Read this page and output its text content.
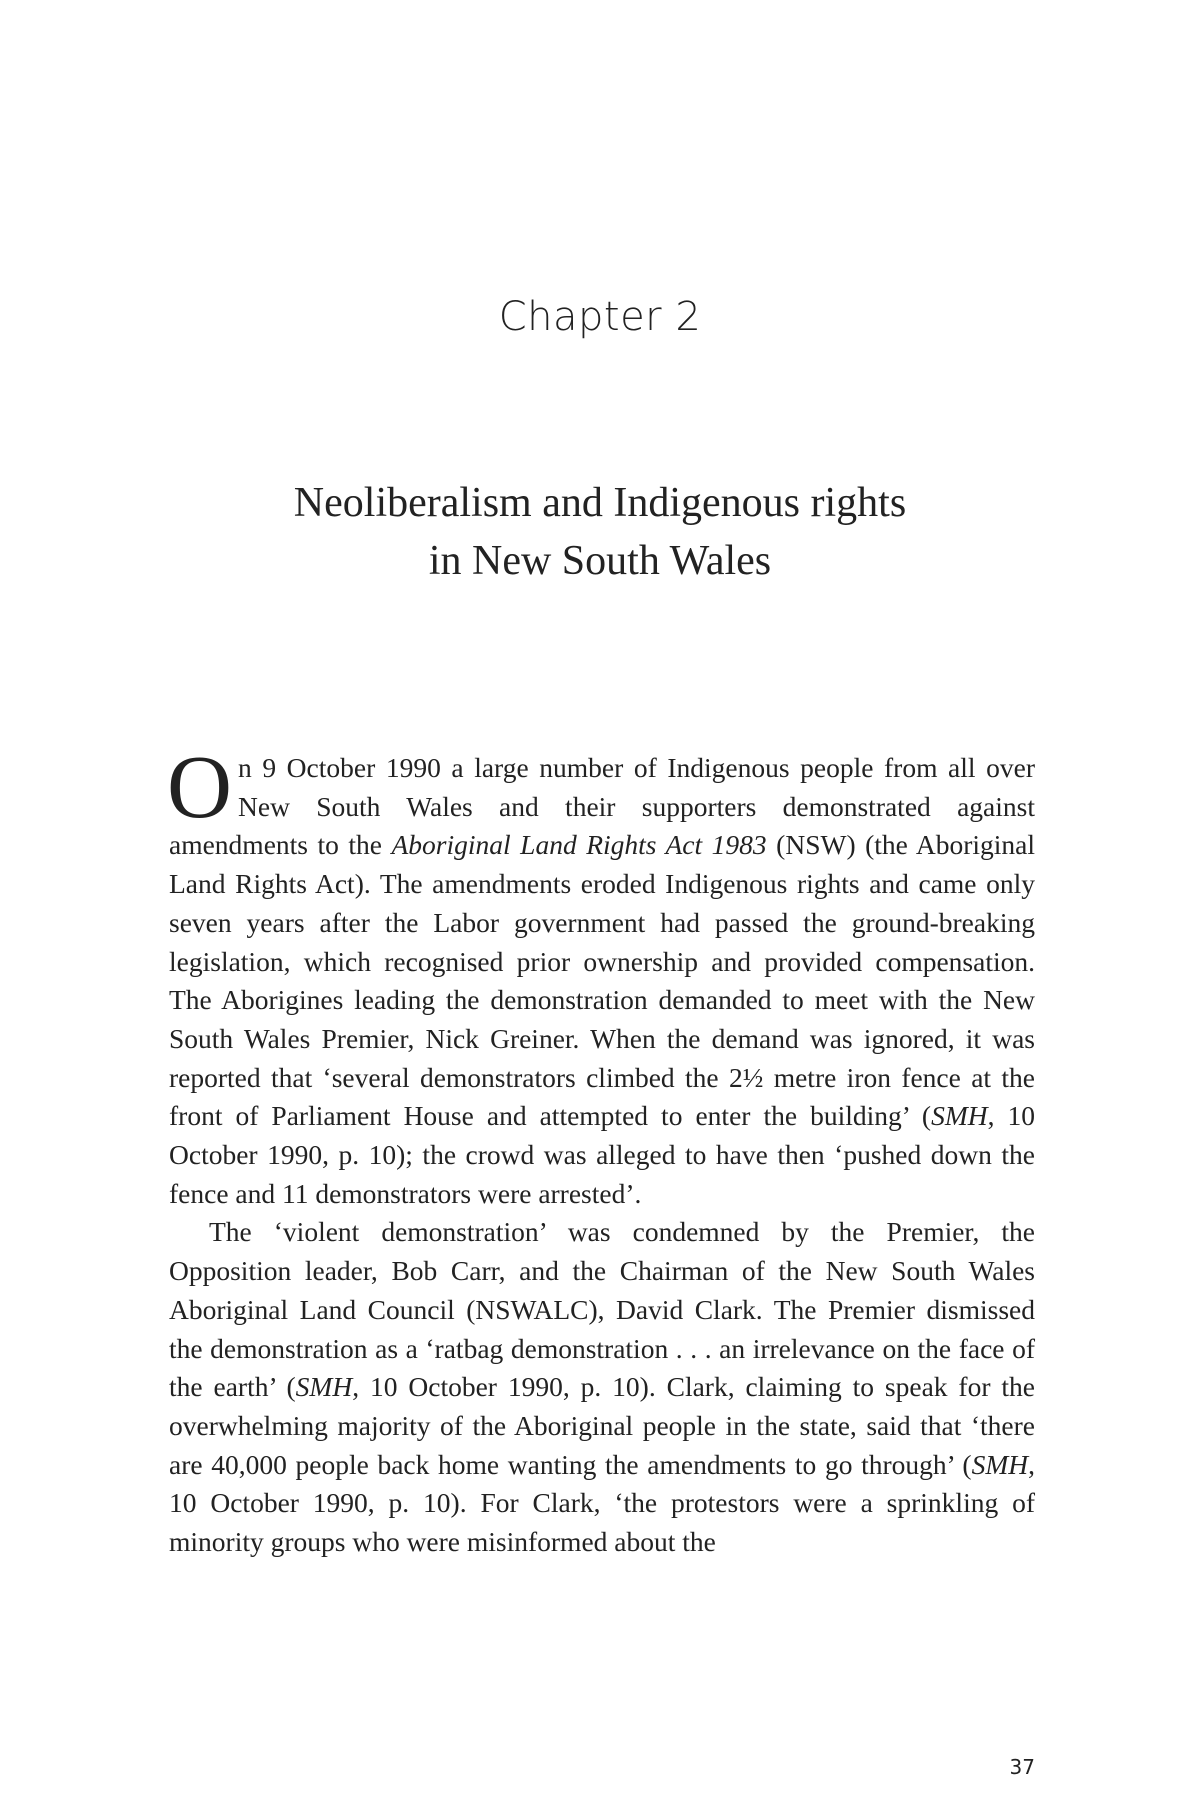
Chapter 2
Neoliberalism and Indigenous rights
in New South Wales

On 9 October 1990 a large number of Indigenous people from all over New South Wales and their supporters demonstrated against amendments to the Aboriginal Land Rights Act 1983 (NSW) (the Aboriginal Land Rights Act). The amendments eroded Indigenous rights and came only seven years after the Labor government had passed the ground-breaking legislation, which recognised prior ownership and provided compensation. The Aborigines leading the demonstration demanded to meet with the New South Wales Premier, Nick Greiner. When the demand was ignored, it was reported that ‘several demonstrators climbed the 2½ metre iron fence at the front of Parliament House and attempted to enter the building’ (SMH, 10 October 1990, p. 10); the crowd was alleged to have then ‘pushed down the fence and 11 demonstrators were arrested’.

The ‘violent demonstration’ was condemned by the Premier, the Opposition leader, Bob Carr, and the Chairman of the New South Wales Aboriginal Land Council (NSWALC), David Clark. The Premier dismissed the demonstration as a ‘ratbag demonstration . . . an irrelevance on the face of the earth’ (SMH, 10 October 1990, p. 10). Clark, claiming to speak for the overwhelming majority of the Aboriginal people in the state, said that ‘there are 40,000 people back home wanting the amendments to go through’ (SMH, 10 October 1990, p. 10). For Clark, ‘the protestors were a sprinkling of minority groups who were misinformed about the

37
